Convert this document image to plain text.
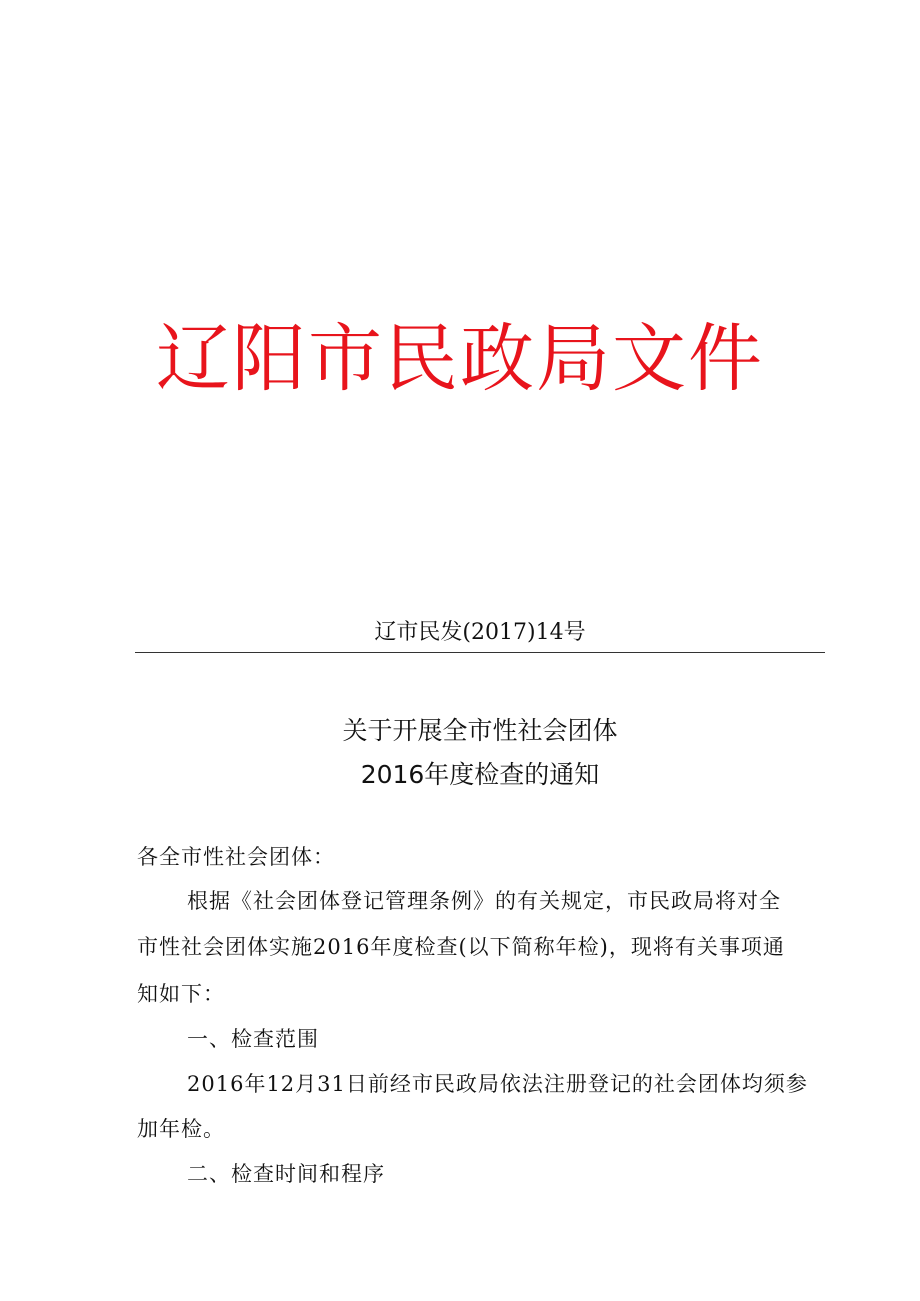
辽阳市民政局文件
辽市民发(2017)14号
关于开展全市性社会团体
2016年度检查的通知
各全市性社会团体：
根据《社会团体登记管理条例》的有关规定，市民政局将对全
市性社会团体实施2016年度检查(以下简称年检)，现将有关事项通
知如下：
一、检查范围
2016年12月31日前经市民政局依法注册登记的社会团体均须参
加年检。
二、检查时间和程序
